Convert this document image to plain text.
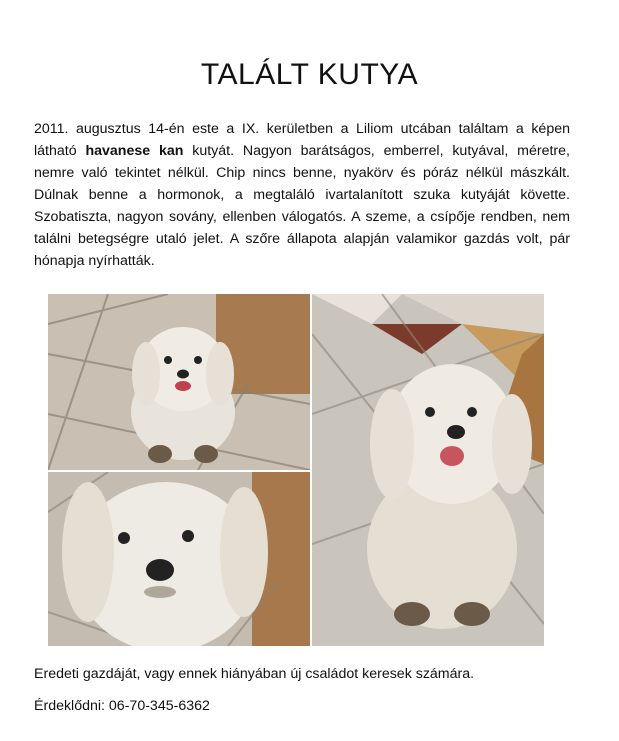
TALÁLT KUTYA
2011. augusztus 14-én este a IX. kerületben a Liliom utcában találtam a képen látható havanese kan kutyát. Nagyon barátságos, emberrel, kutyával, méretre, nemre való tekintet nélkül. Chip nincs benne, nyakörv és póráz nélkül mászkált. Dúlnak benne a hormonok, a megtaláló ivartalanított szuka kutyáját követte. Szobatiszta, nagyon sovány, ellenben válogatós. A szeme, a csípője rendben, nem találni betegségre utaló jelet. A szőre állapota alapján valamikor gazdás volt, pár hónapja nyírhatták.
Eredeti gazdáját, vagy ennek hiányában új családot keresek számára.
Érdeklődni: 06-70-345-6362
